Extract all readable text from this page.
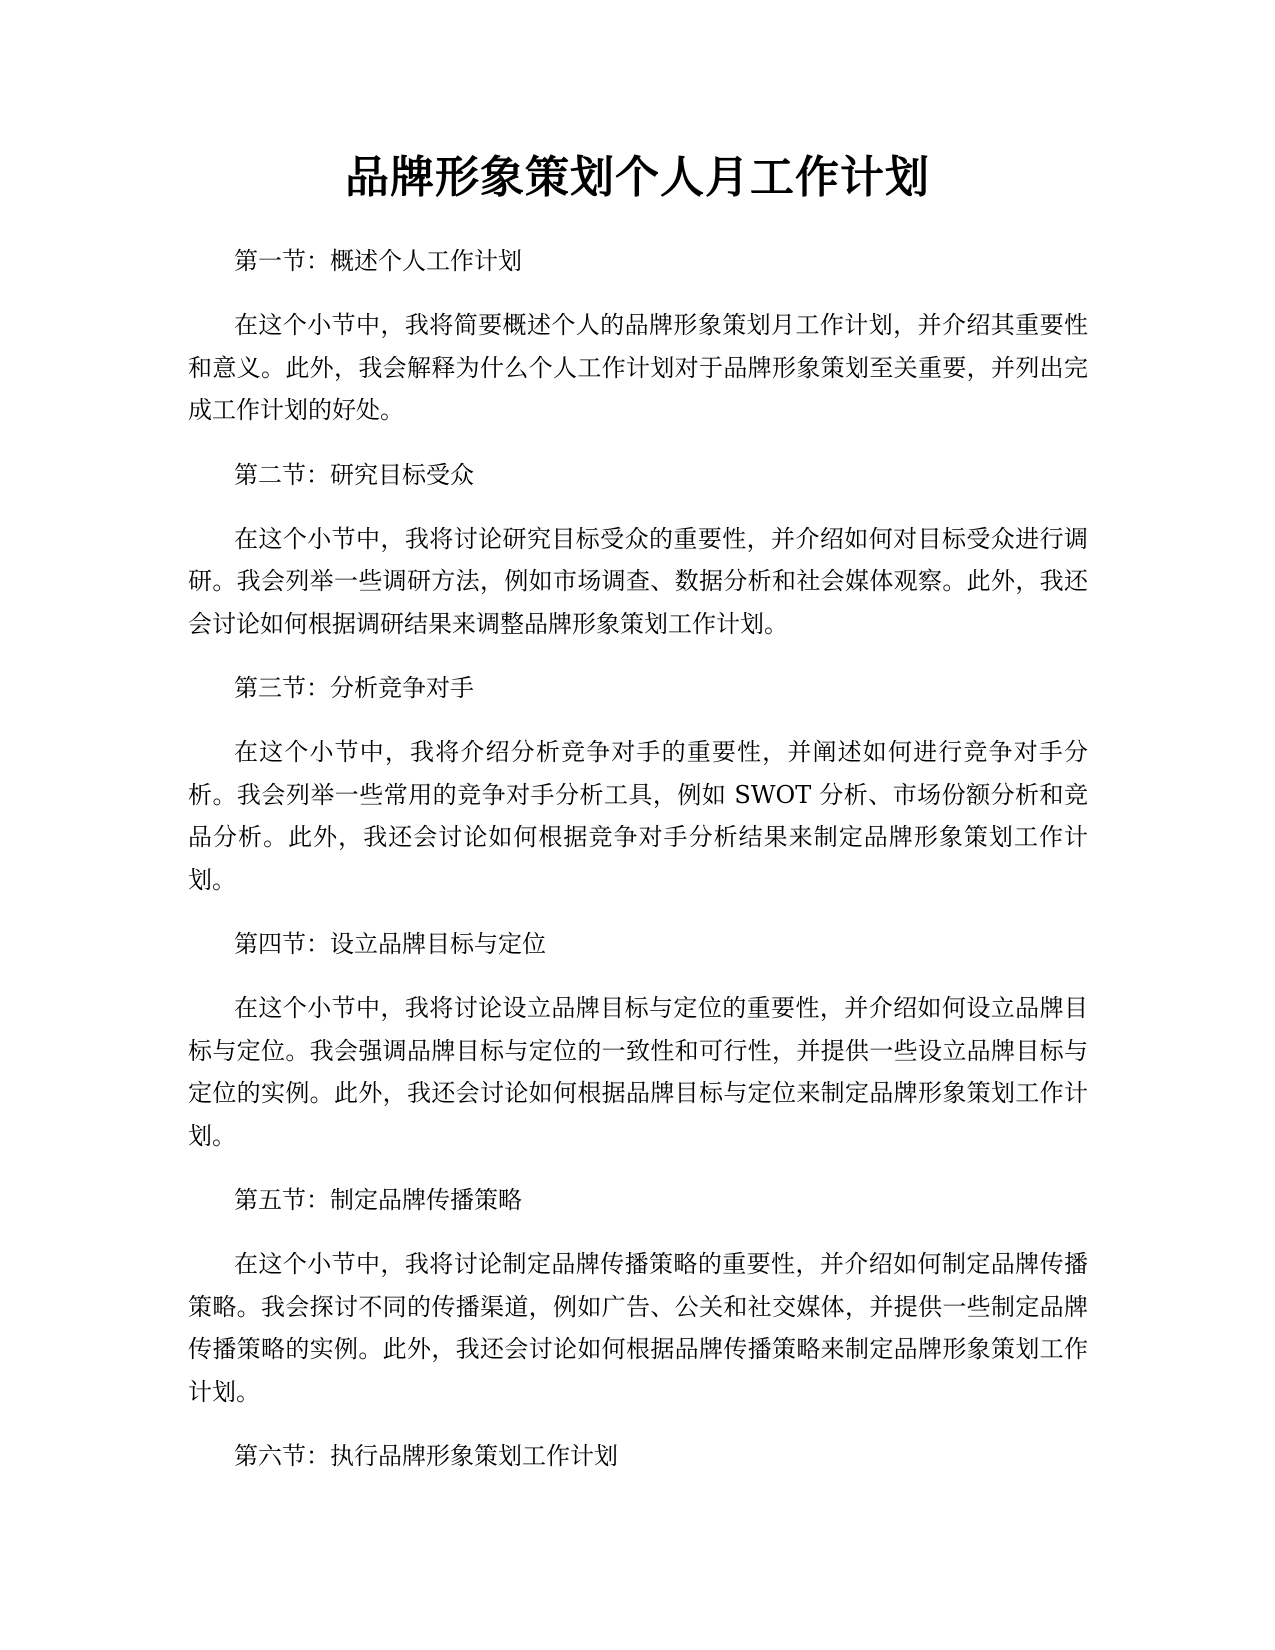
品牌形象策划个人月工作计划

第一节：概述个人工作计划

在这个小节中，我将简要概述个人的品牌形象策划月工作计划，并介绍其重要性和意义。此外，我会解释为什么个人工作计划对于品牌形象策划至关重要，并列出完成工作计划的好处。

第二节：研究目标受众

在这个小节中，我将讨论研究目标受众的重要性，并介绍如何对目标受众进行调研。我会列举一些调研方法，例如市场调查、数据分析和社会媒体观察。此外，我还会讨论如何根据调研结果来调整品牌形象策划工作计划。

第三节：分析竞争对手

在这个小节中，我将介绍分析竞争对手的重要性，并阐述如何进行竞争对手分析。我会列举一些常用的竞争对手分析工具，例如 SWOT 分析、市场份额分析和竞品分析。此外，我还会讨论如何根据竞争对手分析结果来制定品牌形象策划工作计划。

第四节：设立品牌目标与定位

在这个小节中，我将讨论设立品牌目标与定位的重要性，并介绍如何设立品牌目标与定位。我会强调品牌目标与定位的一致性和可行性，并提供一些设立品牌目标与定位的实例。此外，我还会讨论如何根据品牌目标与定位来制定品牌形象策划工作计划。

第五节：制定品牌传播策略

在这个小节中，我将讨论制定品牌传播策略的重要性，并介绍如何制定品牌传播策略。我会探讨不同的传播渠道，例如广告、公关和社交媒体，并提供一些制定品牌传播策略的实例。此外，我还会讨论如何根据品牌传播策略来制定品牌形象策划工作计划。

第六节：执行品牌形象策划工作计划
